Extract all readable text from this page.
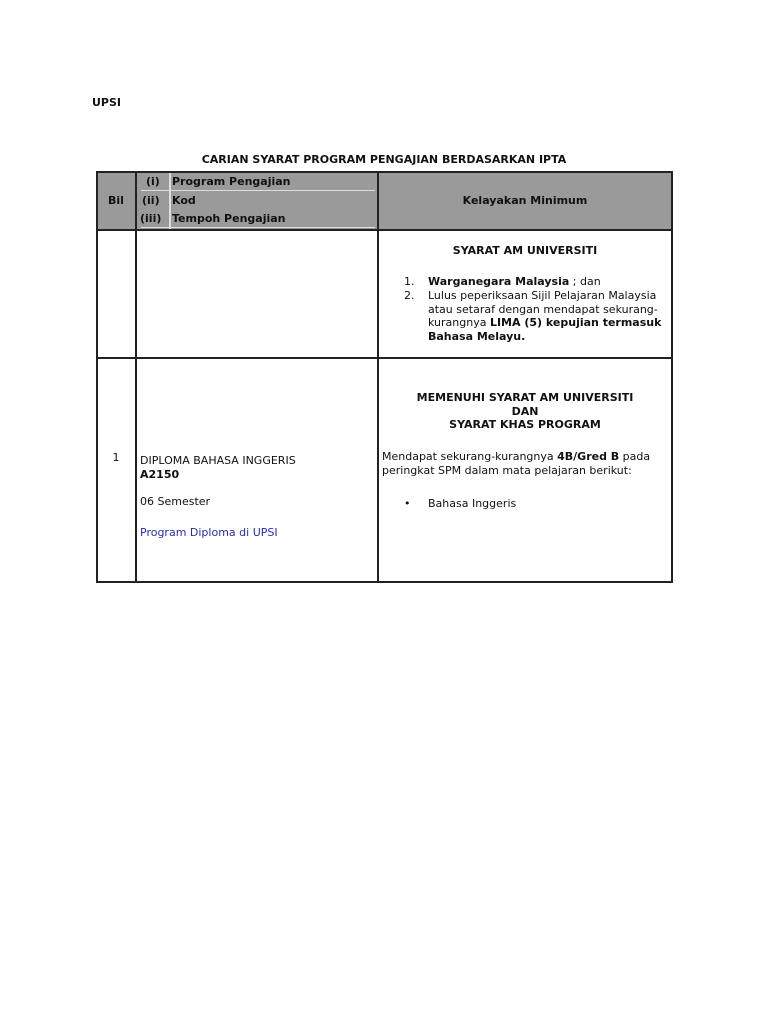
UPSI
CARIAN SYARAT PROGRAM PENGAJIAN BERDASARKAN IPTA
Bil
(i) Program Pengajian
(ii) Kod
(iii) Tempoh Pengajian
Kelayakan Minimum
SYARAT AM UNIVERSITI
1. Warganegara Malaysia ; dan
2. Lulus peperiksaan Sijil Pelajaran Malaysia atau setaraf dengan mendapat sekurang-kurangnya LIMA (5) kepujian termasuk Bahasa Melayu.
1	DIPLOMA BAHASA INGGERIS
A2150
06 Semester
Program Diploma di UPSI
MEMENUHI SYARAT AM UNIVERSITI
DAN
SYARAT KHAS PROGRAM
Mendapat sekurang-kurangnya 4B/Gred B pada peringkat SPM dalam mata pelajaran berikut:
• Bahasa Inggeris
